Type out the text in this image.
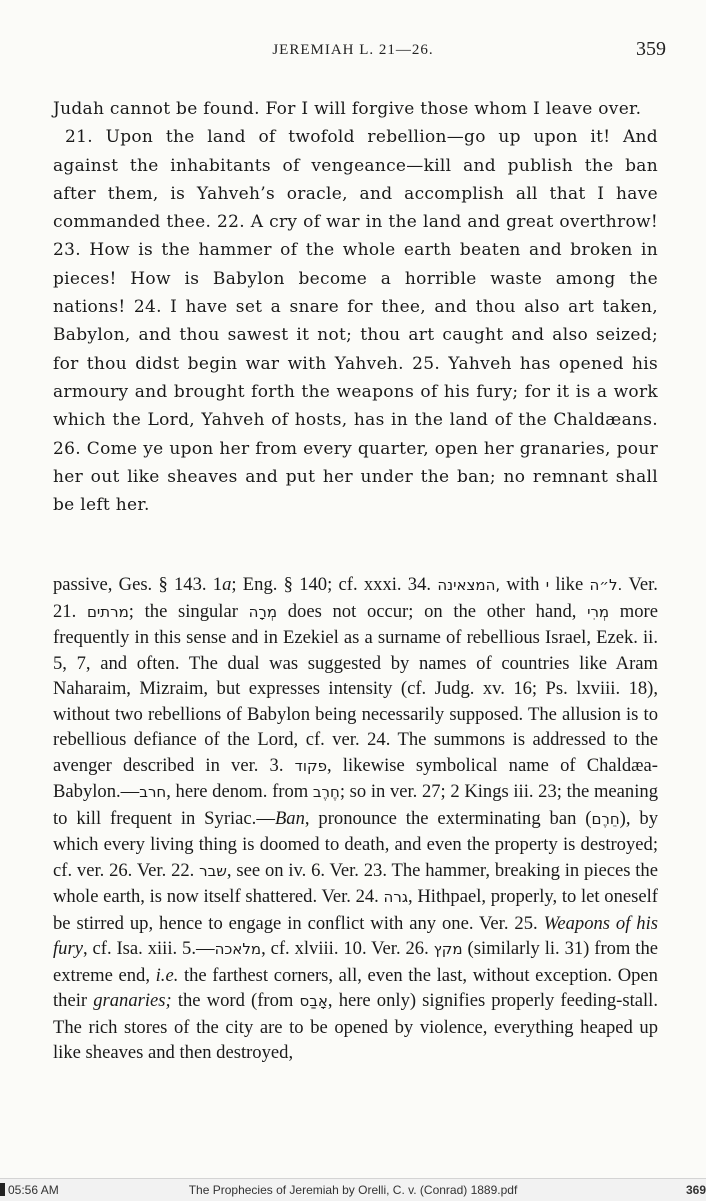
JEREMIAH L. 21—26.	359

Judah cannot be found. For I will forgive those whom I leave over.

21. Upon the land of twofold rebellion—go up upon it! And against the inhabitants of vengeance—kill and publish the ban after them, is Yahveh’s oracle, and accomplish all that I have commanded thee. 22. A cry of war in the land and great overthrow! 23. How is the hammer of the whole earth beaten and broken in pieces! How is Babylon become a horrible waste among the nations! 24. I have set a snare for thee, and thou also art taken, Babylon, and thou sawest it not; thou art caught and also seized; for thou didst begin war with Yahveh. 25. Yahveh has opened his armoury and brought forth the weapons of his fury; for it is a work which the Lord, Yahveh of hosts, has in the land of the Chaldæans. 26. Come ye upon her from every quarter, open her granaries, pour her out like sheaves and put her under the ban; no remnant shall be left her.

passive, Ges. § 143. 1a; Eng. § 140; cf. xxxi. 34. המצאינה, with י like ל״ה. Ver. 21. מרתים; the singular מְרָה does not occur; on the other hand, מְרִי more frequently in this sense and in Ezekiel as a surname of rebellious Israel, Ezek. ii. 5, 7, and often. The dual was suggested by names of countries like Aram Naharaim, Mizraim, but expresses intensity (cf. Judg. xv. 16; Ps. lxviii. 18), without two rebellions of Babylon being necessarily supposed. The allusion is to rebellious defiance of the Lord, cf. ver. 24. The summons is addressed to the avenger described in ver. 3. פקוד, likewise symbolical name of Chaldæa-Babylon.—חרב, here denom. from חֶרֶב; so in ver. 27; 2 Kings iii. 23; the meaning to kill frequent in Syriac.—Ban, pronounce the exterminating ban (חֵרֶם), by which every living thing is doomed to death, and even the property is destroyed; cf. ver. 26. Ver. 22. שבר, see on iv. 6. Ver. 23. The hammer, breaking in pieces the whole earth, is now itself shattered. Ver. 24. גרה, Hithpael, properly, to let oneself be stirred up, hence to engage in conflict with any one. Ver. 25. Weapons of his fury, cf. Isa. xiii. 5.—מלאכה, cf. xlviii. 10. Ver. 26. מקץ (similarly li. 31) from the extreme end, i.e. the farthest corners, all, even the last, without exception. Open their granaries; the word (from אָבַס, here only) signifies properly feeding-stall. The rich stores of the city are to be opened by violence, everything heaped up like sheaves and then destroyed,

05:56 AM	The Prophecies of Jeremiah by Orelli, C. v. (Conrad) 1889.pdf	369
